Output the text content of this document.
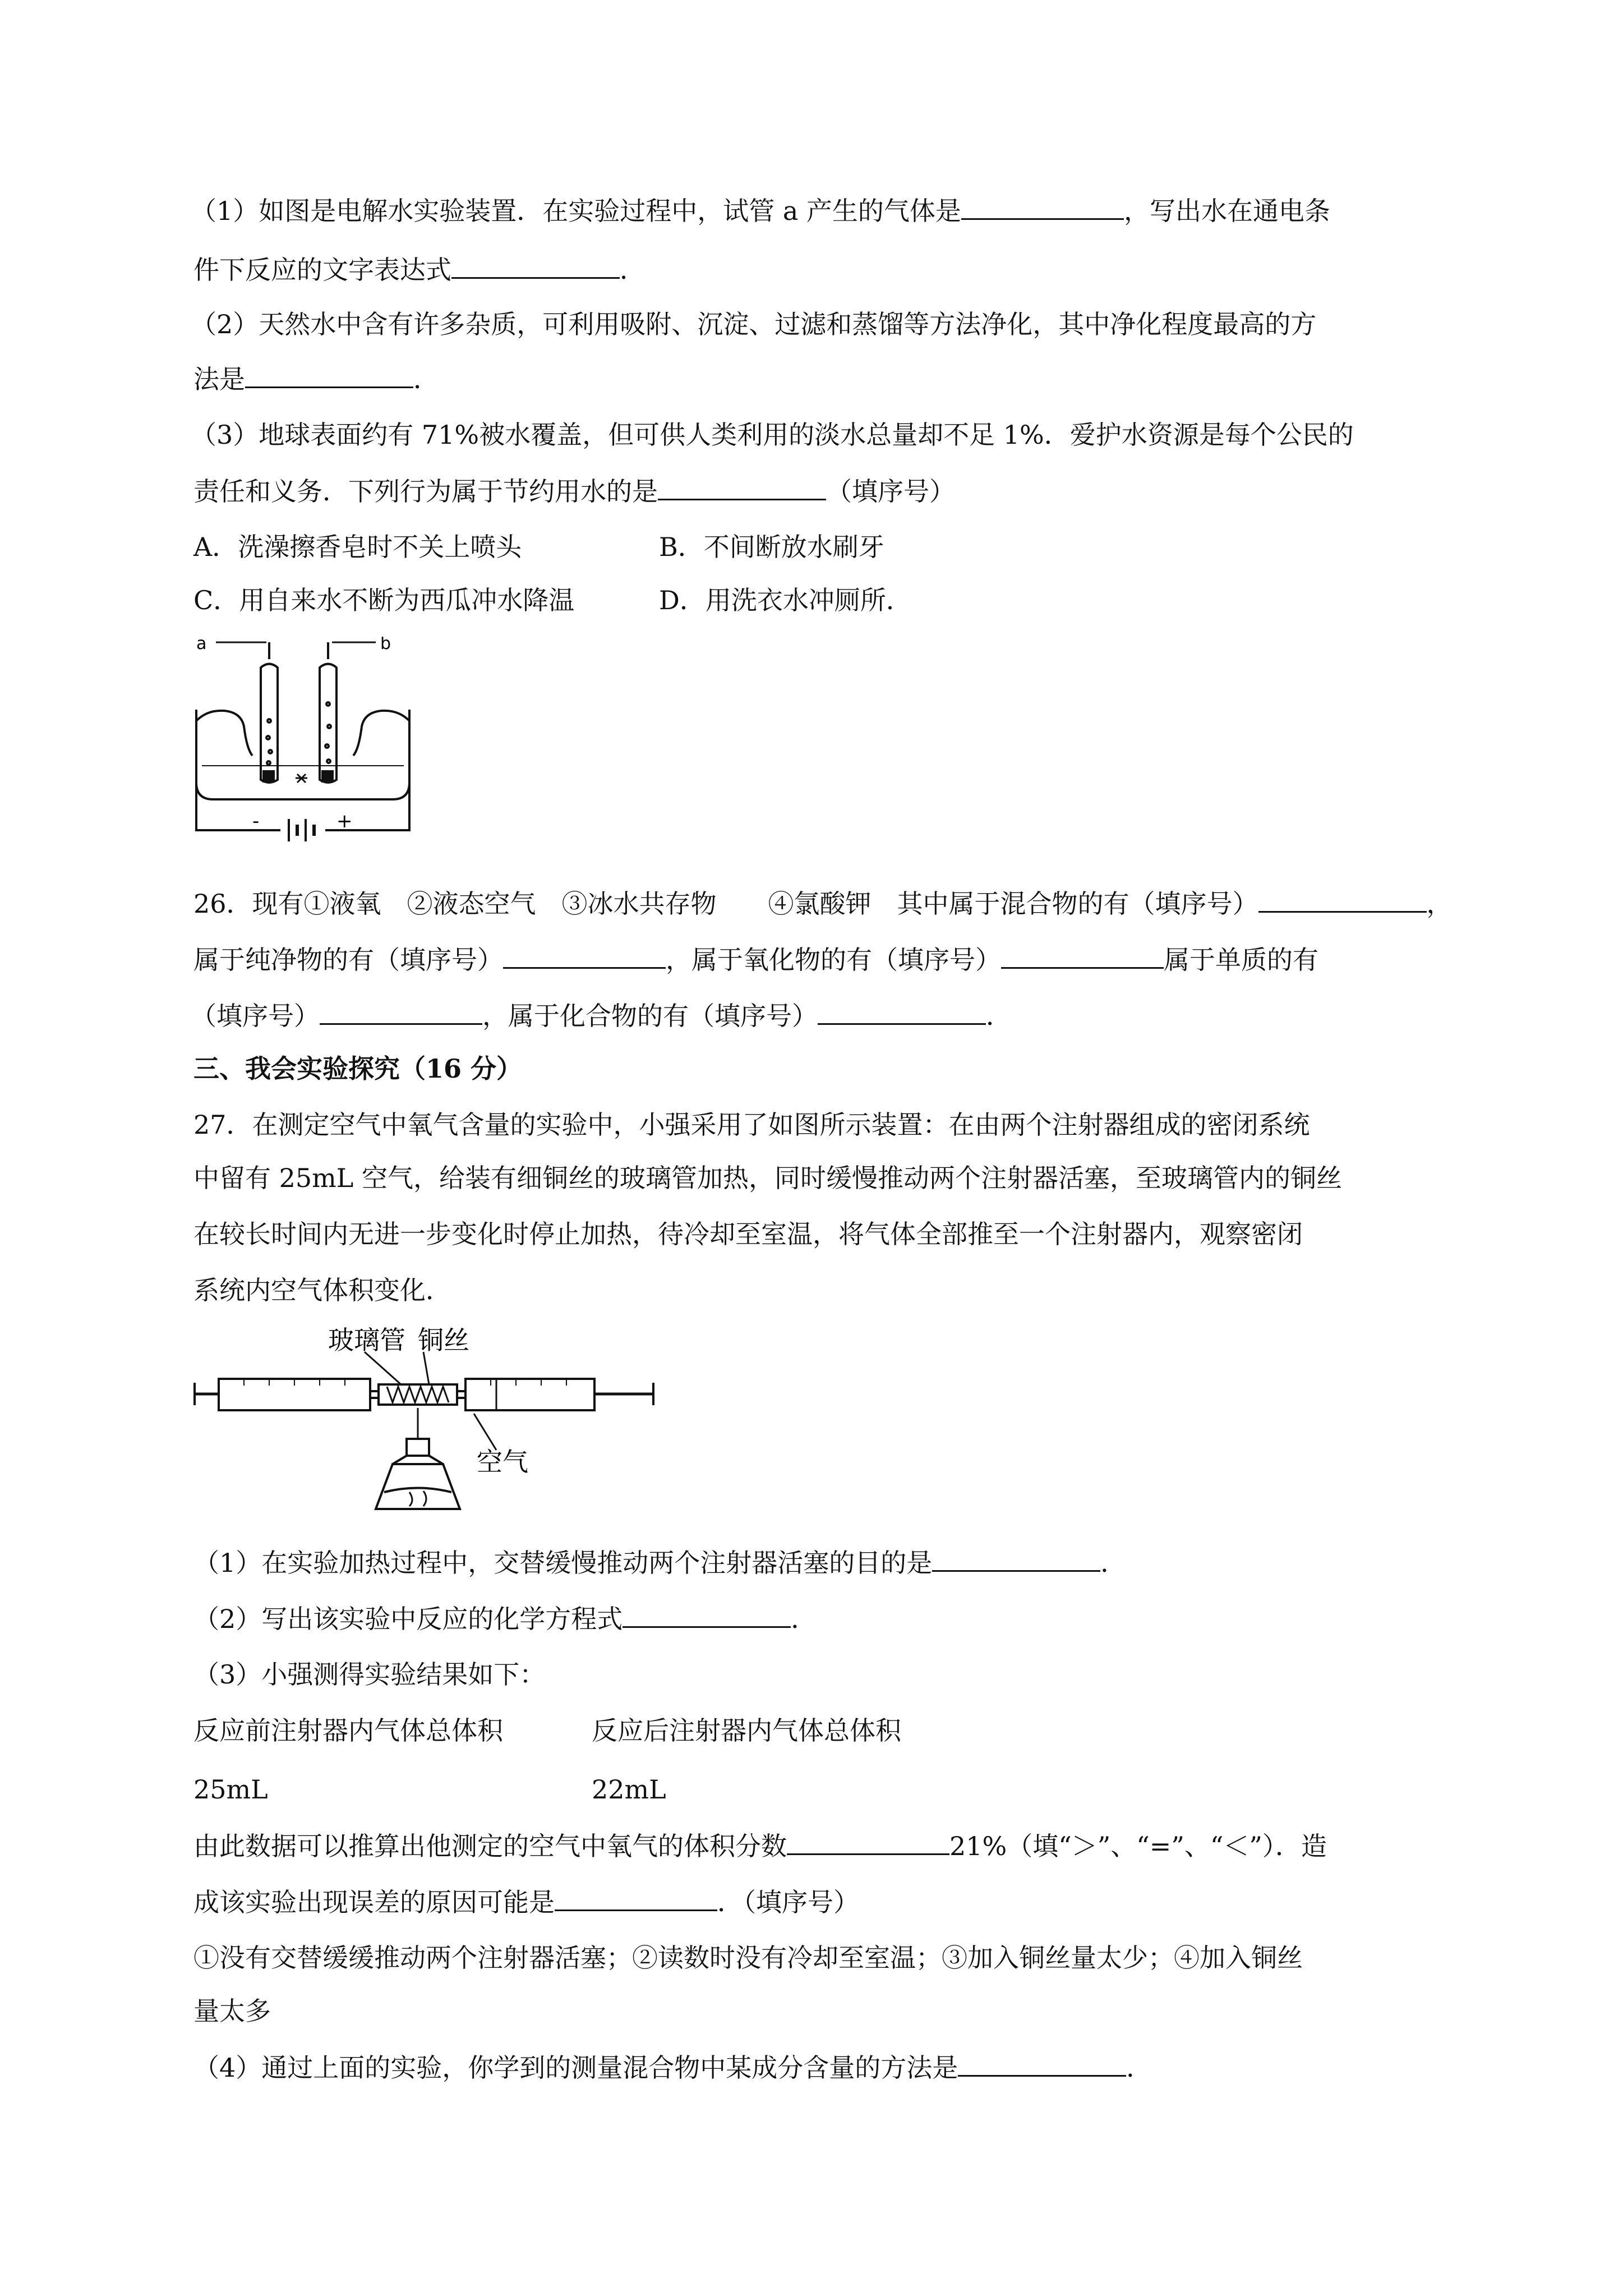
（1）如图是电解水实验装置．在实验过程中，试管 a 产生的气体是	，写出水在通电条
件下反应的文字表达式	．
（2）天然水中含有许多杂质，可利用吸附、沉淀、过滤和蒸馏等方法净化，其中净化程度最高的方
法是	．
（3）地球表面约有 71%被水覆盖，但可供人类利用的淡水总量却不足 1%．爱护水资源是每个公民的
责任和义务．下列行为属于节约用水的是	（填序号）
A．洗澡擦香皂时不关上喷头	B．不间断放水刷牙
C．用自来水不断为西瓜冲水降温	D．用洗衣水冲厕所．
a	b
-	+
26．现有①液氧　②液态空气　③冰水共存物　　④氯酸钾　其中属于混合物的有（填序号）	，
属于纯净物的有（填序号）	，属于氧化物的有（填序号）	属于单质的有
（填序号）	，属于化合物的有（填序号）	．
三、我会实验探究（16 分）
27．在测定空气中氧气含量的实验中，小强采用了如图所示装置：在由两个注射器组成的密闭系统
中留有 25mL 空气，给装有细铜丝的玻璃管加热，同时缓慢推动两个注射器活塞，至玻璃管内的铜丝
在较长时间内无进一步变化时停止加热，待冷却至室温，将气体全部推至一个注射器内，观察密闭
系统内空气体积变化．
玻璃管 铜丝
空气
（1）在实验加热过程中，交替缓慢推动两个注射器活塞的目的是	．
（2）写出该实验中反应的化学方程式	．
（3）小强测得实验结果如下：
反应前注射器内气体总体积	反应后注射器内气体总体积
25mL	22mL
由此数据可以推算出他测定的空气中氧气的体积分数	21%（填“＞”、“=”、“＜”）．造
成该实验出现误差的原因可能是	．（填序号）
①没有交替缓缓推动两个注射器活塞；②读数时没有冷却至室温；③加入铜丝量太少；④加入铜丝
量太多
（4）通过上面的实验，你学到的测量混合物中某成分含量的方法是	．
